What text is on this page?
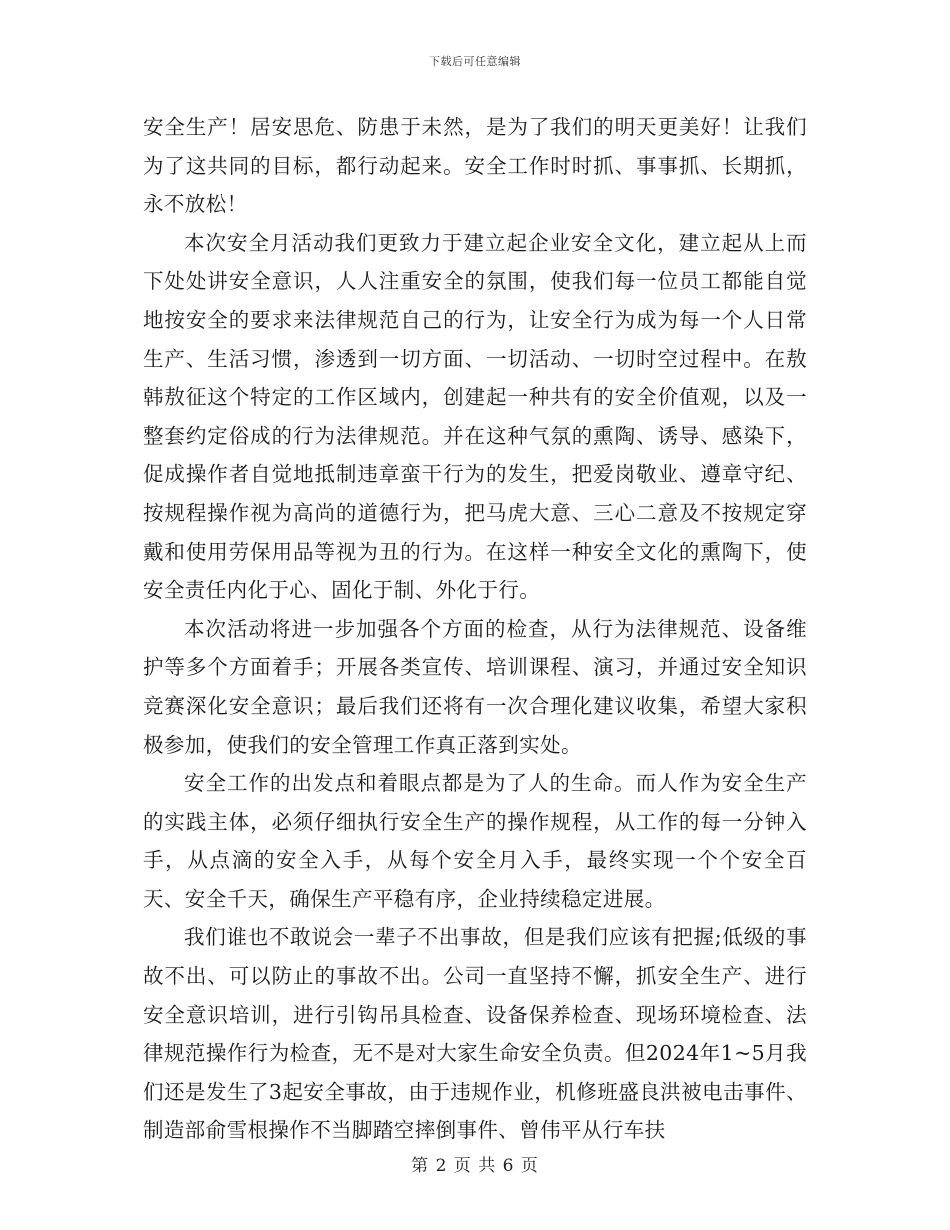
下载后可任意编辑

安全生产！居安思危、防患于未然，是为了我们的明天更美好！让我们为了这共同的目标，都行动起来。安全工作时时抓、事事抓、长期抓，永不放松！

本次安全月活动我们更致力于建立起企业安全文化，建立起从上而下处处讲安全意识，人人注重安全的氛围，使我们每一位员工都能自觉地按安全的要求来法律规范自己的行为，让安全行为成为每一个人日常生产、生活习惯，渗透到一切方面、一切活动、一切时空过程中。在敖韩敖征这个特定的工作区域内，创建起一种共有的安全价值观，以及一整套约定俗成的行为法律规范。并在这种气氛的熏陶、诱导、感染下，促成操作者自觉地抵制违章蛮干行为的发生，把爱岗敬业、遵章守纪、按规程操作视为高尚的道德行为，把马虎大意、三心二意及不按规定穿戴和使用劳保用品等视为丑的行为。在这样一种安全文化的熏陶下，使安全责任内化于心、固化于制、外化于行。

本次活动将进一步加强各个方面的检查，从行为法律规范、设备维护等多个方面着手；开展各类宣传、培训课程、演习，并通过安全知识竞赛深化安全意识；最后我们还将有一次合理化建议收集，希望大家积极参加，使我们的安全管理工作真正落到实处。

安全工作的出发点和着眼点都是为了人的生命。而人作为安全生产的实践主体，必须仔细执行安全生产的操作规程，从工作的每一分钟入手，从点滴的安全入手，从每个安全月入手，最终实现一个个安全百天、安全千天，确保生产平稳有序，企业持续稳定进展。

我们谁也不敢说会一辈子不出事故，但是我们应该有把握;低级的事故不出、可以防止的事故不出。公司一直坚持不懈，抓安全生产、进行安全意识培训，进行引钩吊具检查、设备保养检查、现场环境检查、法律规范操作行为检查，无不是对大家生命安全负责。但2024年1~5月我们还是发生了3起安全事故，由于违规作业，机修班盛良洪被电击事件、制造部俞雪根操作不当脚踏空摔倒事件、曾伟平从行车扶

第 2 页 共 6 页
